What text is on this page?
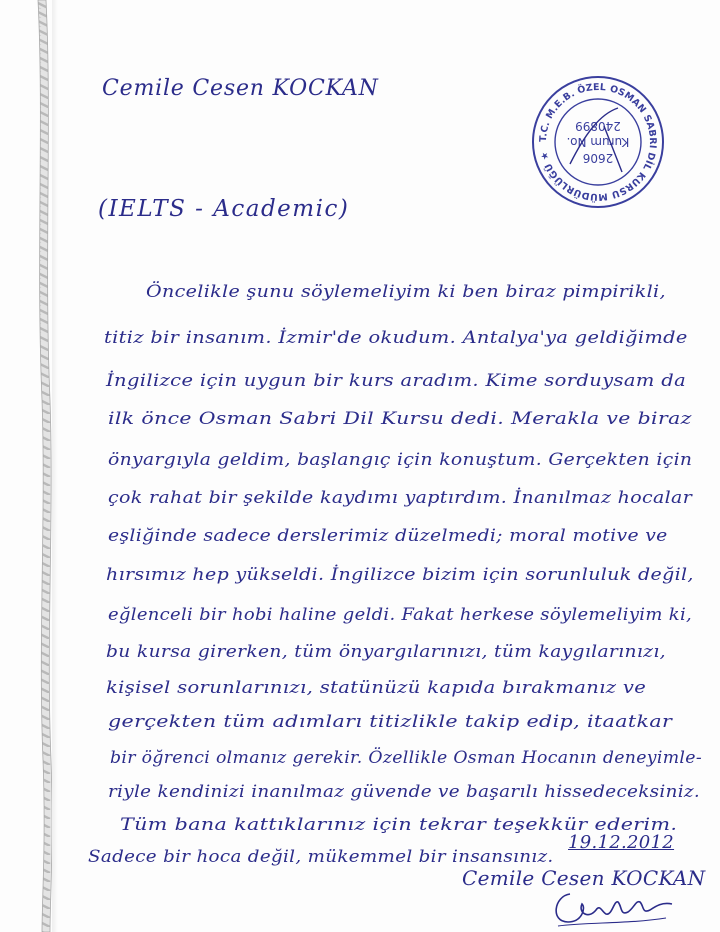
Cemile Cesen KOCKAN
(IELTS - Academic)
T.C. M.E.B. ÖZEL OSMAN SABRI DİL KURSU MÜDÜRLÜĞÜ ★	2606
Kurum No.
240899
Öncelikle şunu söylemeliyim ki ben biraz pimpirikli,
titiz bir insanım. İzmir'de okudum. Antalya'ya geldiğimde
İngilizce için uygun bir kurs aradım. Kime sorduysam da
ilk önce Osman Sabri Dil Kursu dedi. Merakla ve biraz
önyargıyla geldim, başlangıç için konuştum. Gerçekten için
çok rahat bir şekilde kaydımı yaptırdım. İnanılmaz hocalar
eşliğinde sadece derslerimiz düzelmedi; moral motive ve
hırsımız hep yükseldi. İngilizce bizim için sorunluluk değil,
eğlenceli bir hobi haline geldi. Fakat herkese söylemeliyim ki,
bu kursa girerken, tüm önyargılarınızı, tüm kaygılarınızı,
kişisel sorunlarınızı, statünüzü kapıda bırakmanız ve
gerçekten tüm adımları titizlikle takip edip, itaatkar
bir öğrenci olmanız gerekir. Özellikle Osman Hocanın deneyimle-
riyle kendinizi inanılmaz güvende ve başarılı hissedeceksiniz.
Tüm bana kattıklarınız için tekrar teşekkür ederim.
Sadece bir hoca değil, mükemmel bir insansınız.
19.12.2012
Cemile Cesen KOCKAN
